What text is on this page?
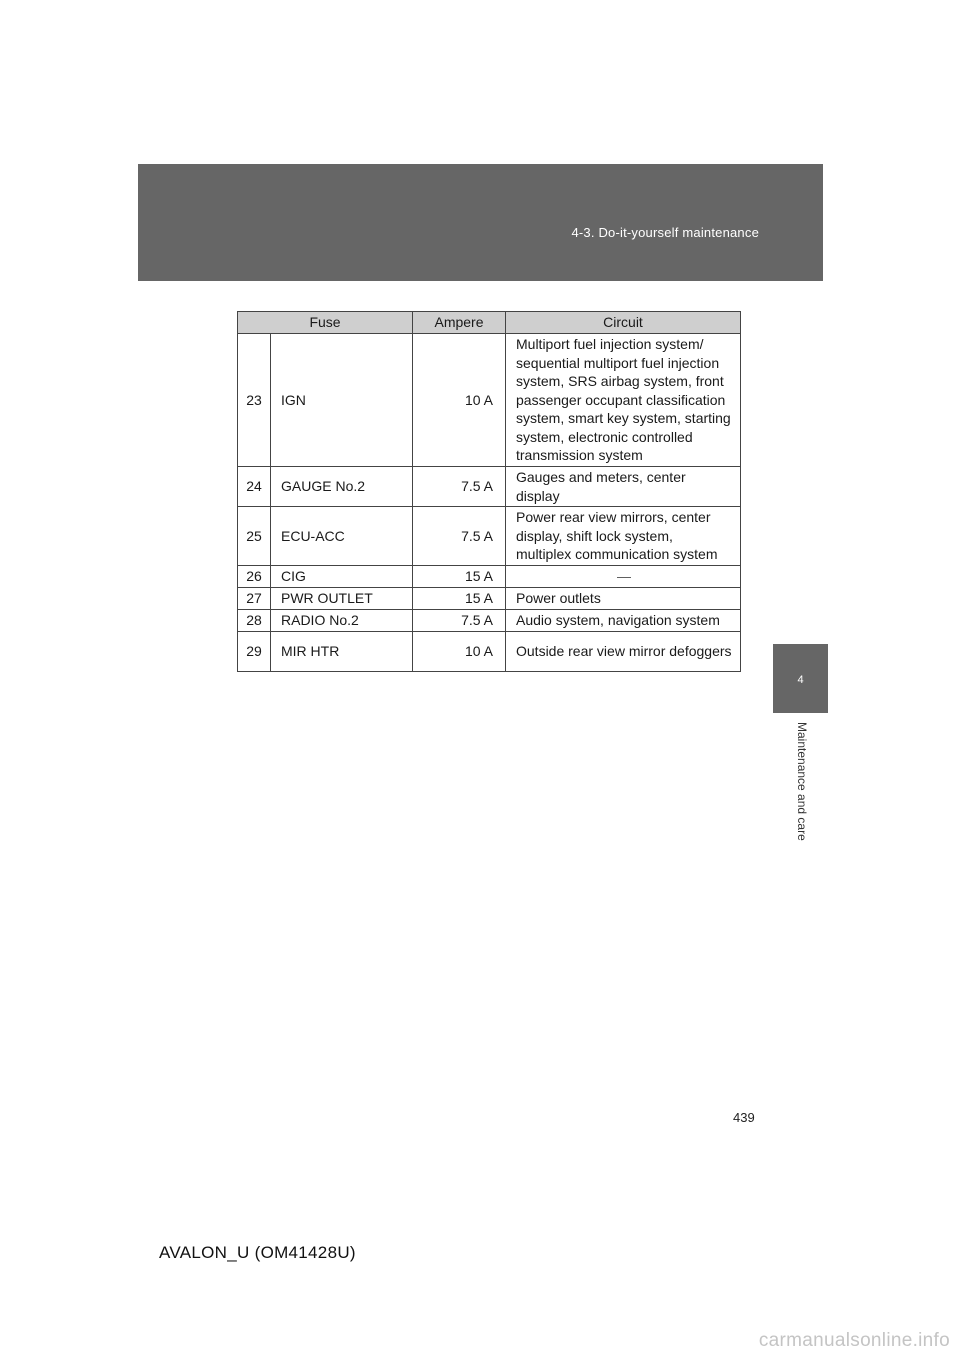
4-3. Do-it-yourself maintenance
4
Maintenance and care
Fuse		Ampere	Circuit
23	IGN	10 A	Multiport fuel injection system/ sequential multiport fuel injection system, SRS airbag system, front passenger occupant classification system, smart key system, starting system, electronic controlled transmission system
24	GAUGE No.2	7.5 A	Gauges and meters, center display
25	ECU-ACC	7.5 A	Power rear view mirrors, center display, shift lock system, multiplex communication system
26	CIG	15 A	—
27	PWR OUTLET	15 A	Power outlets
28	RADIO No.2	7.5 A	Audio system, navigation system
29	MIR HTR	10 A	Outside rear view mirror defoggers
439
AVALON_U (OM41428U)
carmanualsonline.info
